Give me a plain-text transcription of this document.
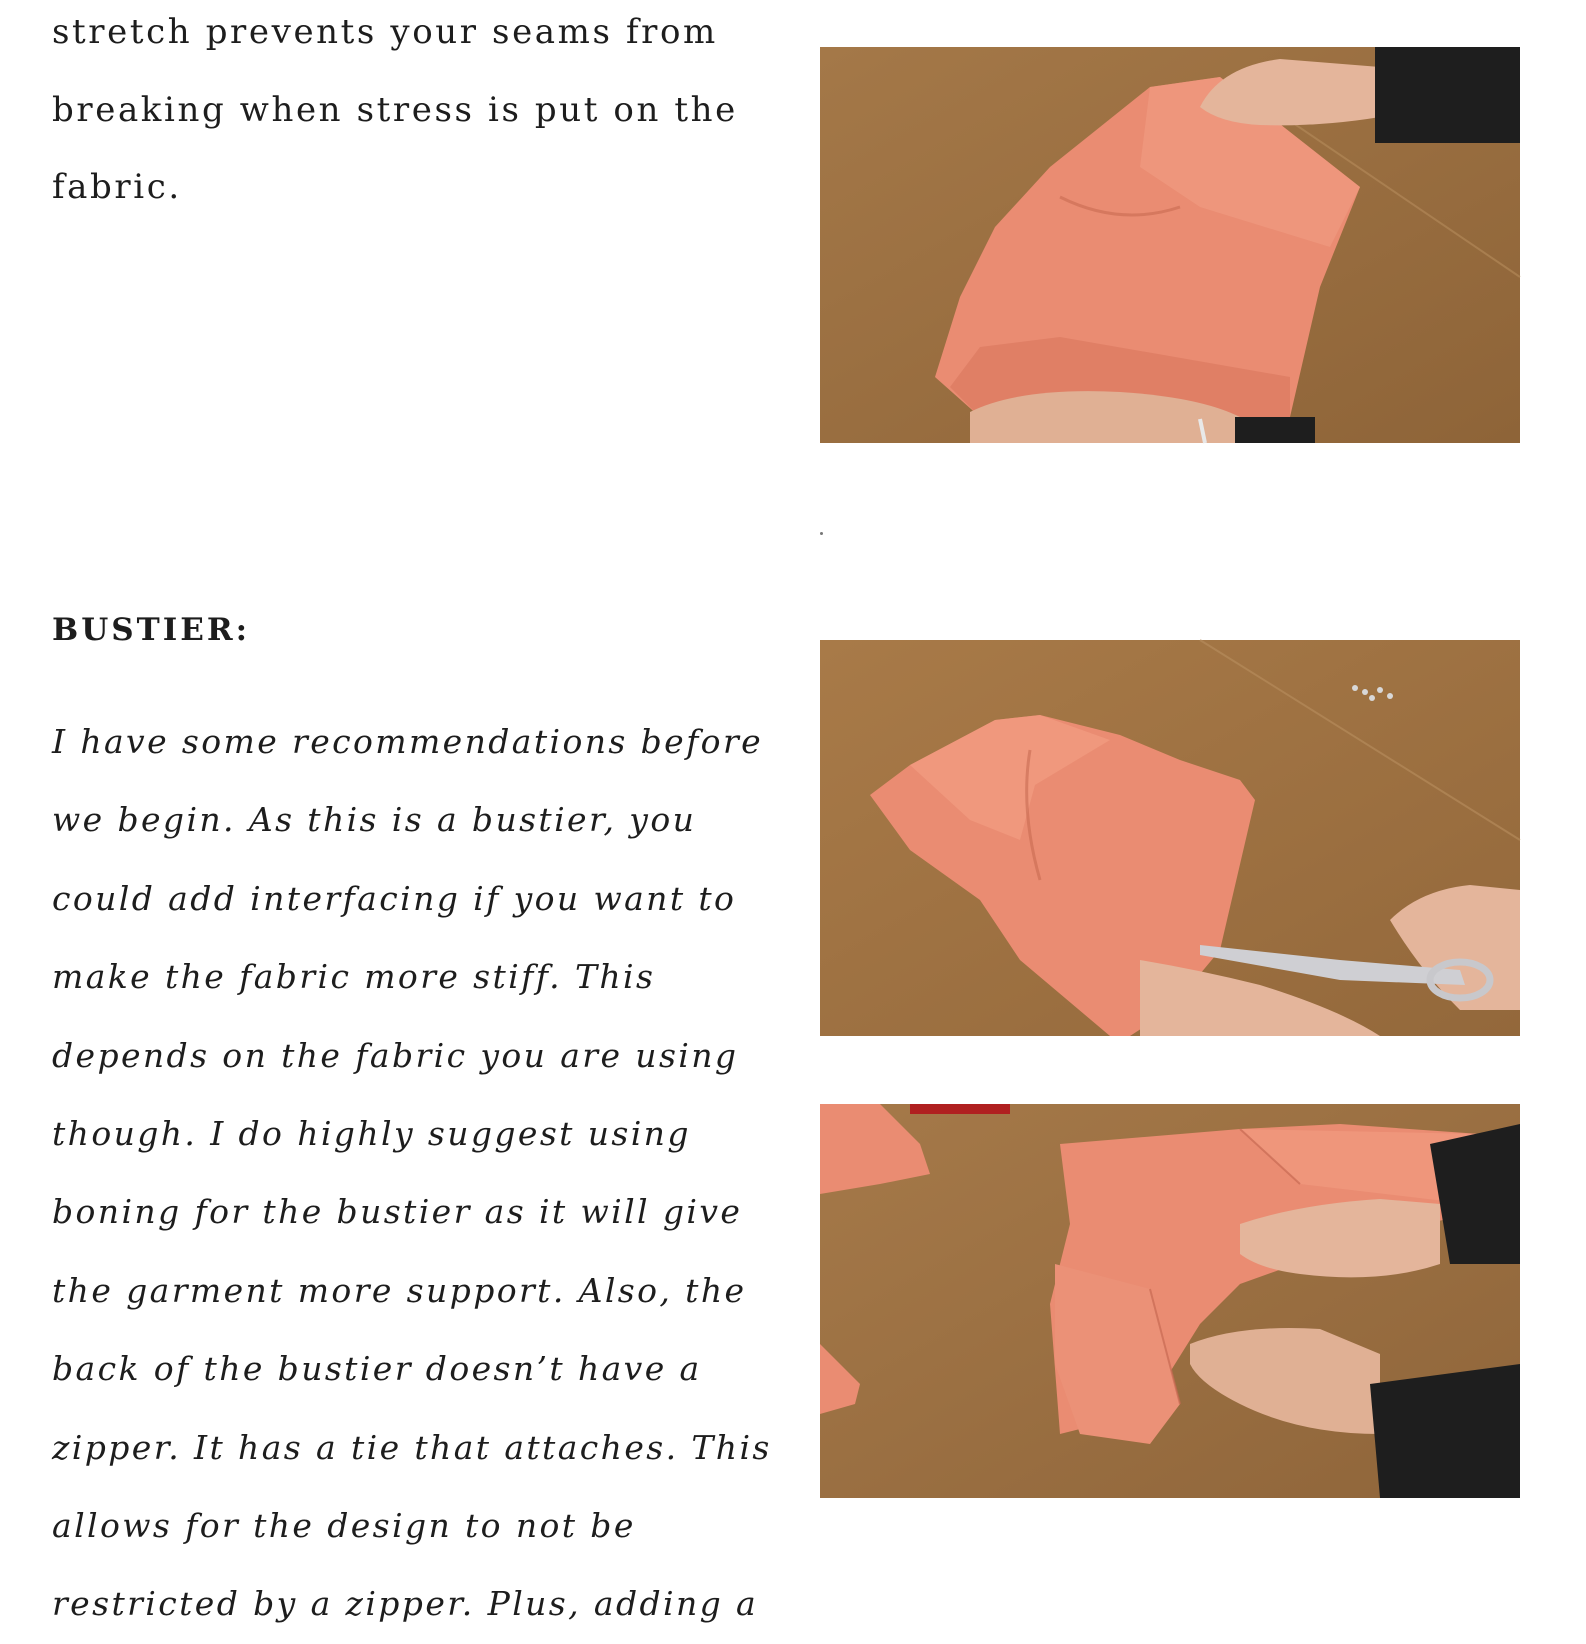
stretch prevents your seams from breaking when stress is put on the fabric.

BUSTIER:

I have some recommendations before we begin. As this is a bustier, you could add interfacing if you want to make the fabric more stiff. This depends on the fabric you are using though. I do highly suggest using boning for the bustier as it will give the garment more support. Also, the back of the bustier doesn’t have a zipper. It has a tie that attaches. This allows for the design to not be restricted by a zipper. Plus, adding a
